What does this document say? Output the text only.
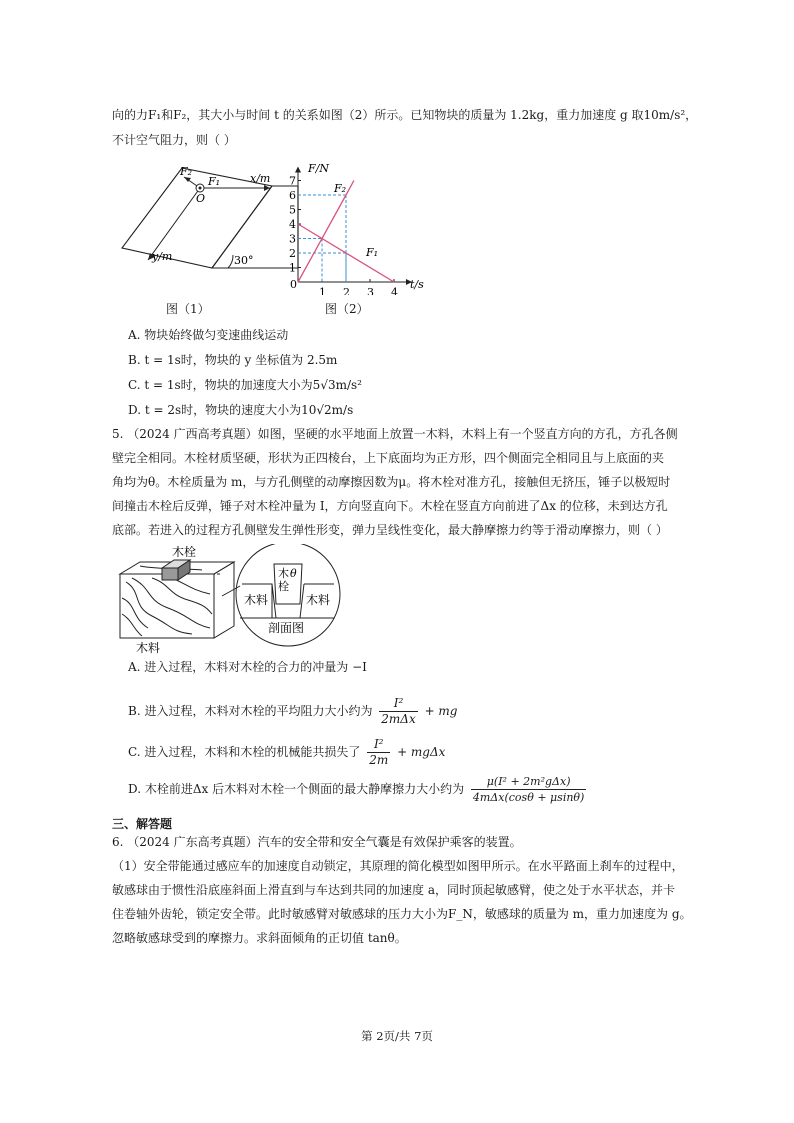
向的力F₁和F₂，其大小与时间 t 的关系如图（2）所示。已知物块的质量为 1.2kg，重力加速度 g 取10m/s²，
不计空气阻力，则（ ）
F₂
F₁
O
x/m
y/m	30°
图（1）
1
2
3
4
5
6
7
1 2 3 4
F/N
t/s
0
F₂
F₁
图（2）
A. 物块始终做匀变速曲线运动
B. t = 1s时，物块的 y 坐标值为 2.5m
C. t = 1s时，物块的加速度大小为5√3m/s²
D. t = 2s时，物块的速度大小为10√2m/s
5. （2024 广西高考真题）如图，坚硬的水平地面上放置一木料，木料上有一个竖直方向的方孔，方孔各侧
壁完全相同。木栓材质坚硬，形状为正四棱台，上下底面均为正方形，四个侧面完全相同且与上底面的夹
角均为θ。木栓质量为 m，与方孔侧壁的动摩擦因数为μ。将木栓对准方孔，接触但无挤压，锤子以极短时
间撞击木栓后反弹，锤子对木栓冲量为 I，方向竖直向下。木栓在竖直方向前进了Δx 的位移，未到达方孔
底部。若进入的过程方孔侧壁发生弹性形变，弹力呈线性变化，最大静摩擦力约等于滑动摩擦力，则（ ）
木栓
木料
木料	木料
木
栓
θ
剖面图
A. 进入过程，木料对木栓的合力的冲量为 −I
B. 进入过程，木料对木栓的平均阻力大小约为
I²
2mΔx
+ mg
C. 进入过程，木料和木栓的机械能共损失了 $\frac{\text{I²}}{2m} + mg\Delta x$
D. 木栓前进Δx 后木料对木栓一个侧面的最大静摩擦力大小约为
μ(I² + 2m²gΔx)
4mΔx(cosθ + μsinθ)
三、解答题
6. （2024 广东高考真题）汽车的安全带和安全气囊是有效保护乘客的装置。
（1）安全带能通过感应车的加速度自动锁定，其原理的简化模型如图甲所示。在水平路面上刹车的过程中，
敏感球由于惯性沿底座斜面上滑直到与车达到共同的加速度 a，同时顶起敏感臂，使之处于水平状态，并卡
住卷轴外齿轮，锁定安全带。此时敏感臂对敏感球的压力大小为F_N，敏感球的质量为 m，重力加速度为 g。
忽略敏感球受到的摩擦力。求斜面倾角的正切值 tanθ。
第 2页/共 7页
